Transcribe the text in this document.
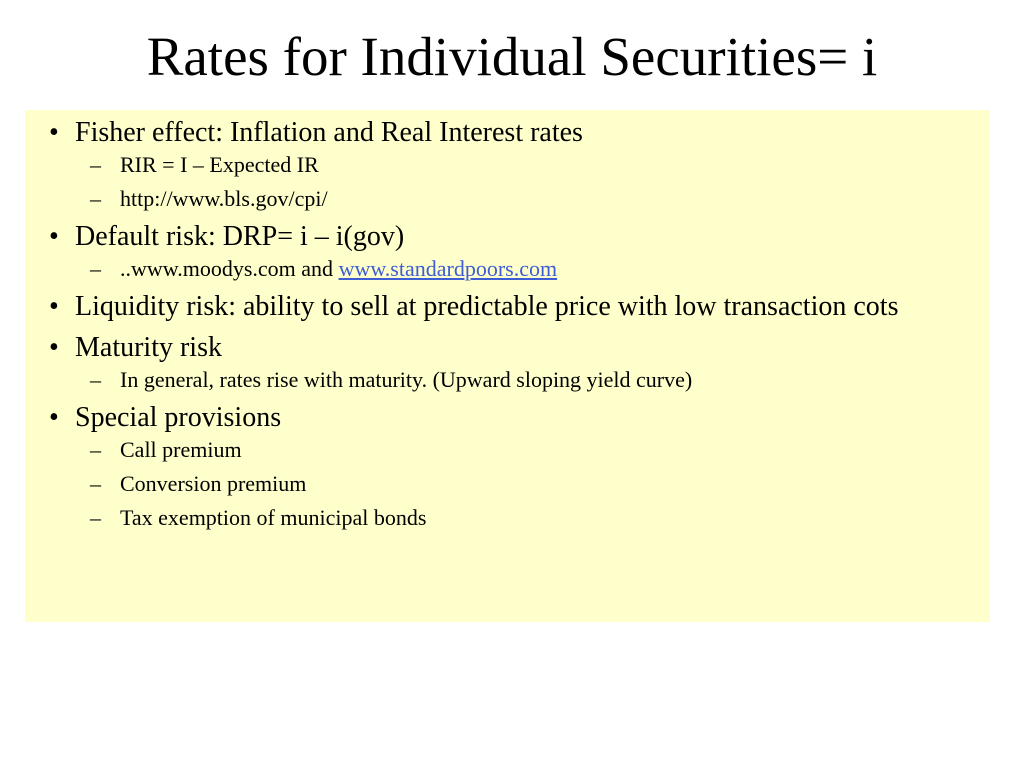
Rates for Individual Securities= i
• Fisher effect: Inflation and Real Interest rates
– RIR = I – Expected IR
– http://www.bls.gov/cpi/
• Default risk: DRP= i – i(gov)
– ..www.moodys.com and www.standardpoors.com
• Liquidity risk: ability to sell at predictable price with low transaction cots
• Maturity risk
– In general, rates rise with maturity. (Upward sloping yield curve)
• Special provisions
– Call premium
– Conversion premium
– Tax exemption of municipal bonds
